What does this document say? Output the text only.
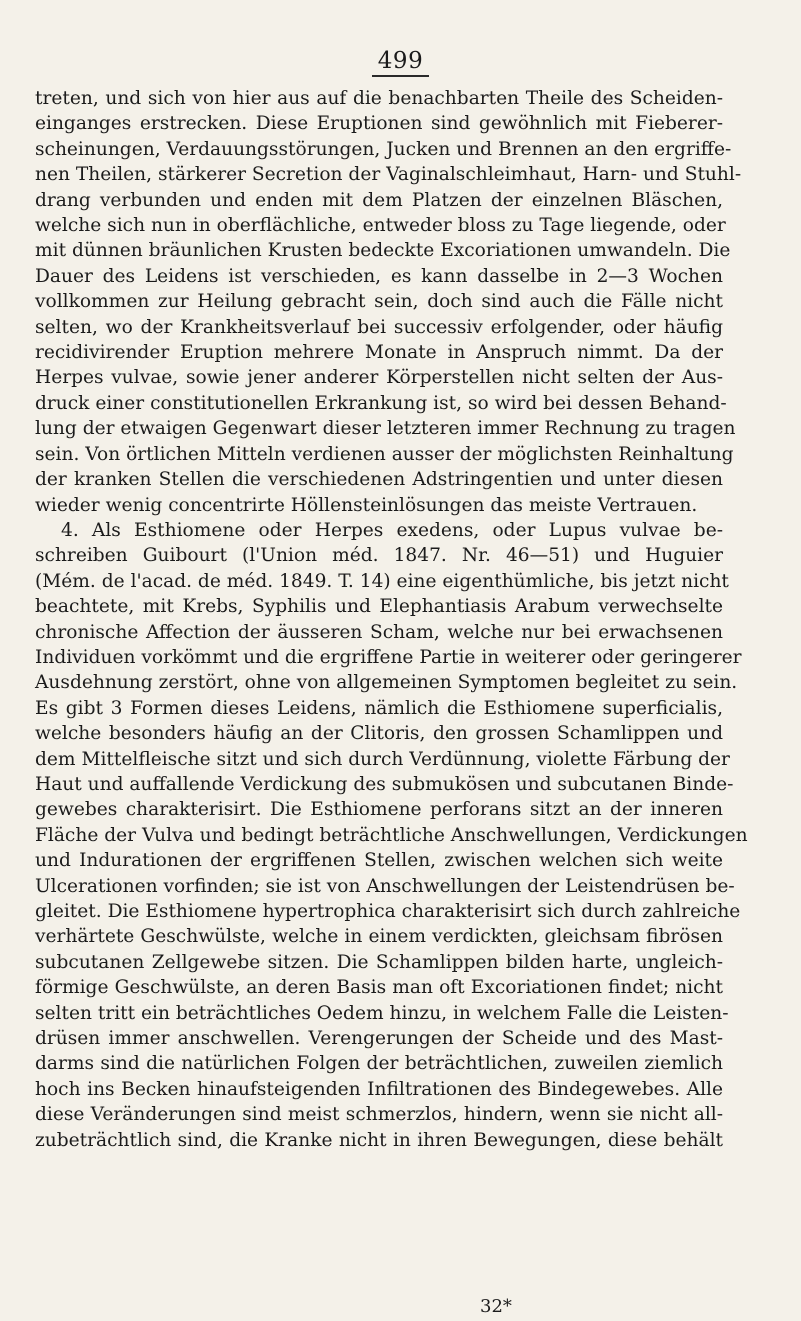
499
treten, und sich von hier aus auf die benachbarten Theile des Scheiden-
einganges erstrecken. Diese Eruptionen sind gewöhnlich mit Fieberer-
scheinungen, Verdauungsstörungen, Jucken und Brennen an den ergriffe-
nen Theilen, stärkerer Secretion der Vaginalschleimhaut, Harn- und Stuhl-
drang verbunden und enden mit dem Platzen der einzelnen Bläschen,
welche sich nun in oberflächliche, entweder bloss zu Tage liegende, oder
mit dünnen bräunlichen Krusten bedeckte Excoriationen umwandeln. Die
Dauer des Leidens ist verschieden, es kann dasselbe in 2—3 Wochen
vollkommen zur Heilung gebracht sein, doch sind auch die Fälle nicht
selten, wo der Krankheitsverlauf bei successiv erfolgender, oder häufig
recidivirender Eruption mehrere Monate in Anspruch nimmt. Da der
Herpes vulvae, sowie jener anderer Körperstellen nicht selten der Aus-
druck einer constitutionellen Erkrankung ist, so wird bei dessen Behand-
lung der etwaigen Gegenwart dieser letzteren immer Rechnung zu tragen
sein. Von örtlichen Mitteln verdienen ausser der möglichsten Reinhaltung
der kranken Stellen die verschiedenen Adstringentien und unter diesen
wieder wenig concentrirte Höllensteinlösungen das meiste Vertrauen.
4. Als Esthiomene oder Herpes exedens, oder Lupus vulvae be-
schreiben Guibourt (l'Union méd. 1847. Nr. 46—51) und Huguier
(Mém. de l'acad. de méd. 1849. T. 14) eine eigenthümliche, bis jetzt nicht
beachtete, mit Krebs, Syphilis und Elephantiasis Arabum verwechselte
chronische Affection der äusseren Scham, welche nur bei erwachsenen
Individuen vorkömmt und die ergriffene Partie in weiterer oder geringerer
Ausdehnung zerstört, ohne von allgemeinen Symptomen begleitet zu sein.
Es gibt 3 Formen dieses Leidens, nämlich die Esthiomene superficialis,
welche besonders häufig an der Clitoris, den grossen Schamlippen und
dem Mittelfleische sitzt und sich durch Verdünnung, violette Färbung der
Haut und auffallende Verdickung des submukösen und subcutanen Binde-
gewebes charakterisirt. Die Esthiomene perforans sitzt an der inneren
Fläche der Vulva und bedingt beträchtliche Anschwellungen, Verdickungen
und Indurationen der ergriffenen Stellen, zwischen welchen sich weite
Ulcerationen vorfinden; sie ist von Anschwellungen der Leistendrüsen be-
gleitet. Die Esthiomene hypertrophica charakterisirt sich durch zahlreiche
verhärtete Geschwülste, welche in einem verdickten, gleichsam fibrösen
subcutanen Zellgewebe sitzen. Die Schamlippen bilden harte, ungleich-
förmige Geschwülste, an deren Basis man oft Excoriationen findet; nicht
selten tritt ein beträchtliches Oedem hinzu, in welchem Falle die Leisten-
drüsen immer anschwellen. Verengerungen der Scheide und des Mast-
darms sind die natürlichen Folgen der beträchtlichen, zuweilen ziemlich
hoch ins Becken hinaufsteigenden Infiltrationen des Bindegewebes. Alle
diese Veränderungen sind meist schmerzlos, hindern, wenn sie nicht all-
zubeträchtlich sind, die Kranke nicht in ihren Bewegungen, diese behält
32*
